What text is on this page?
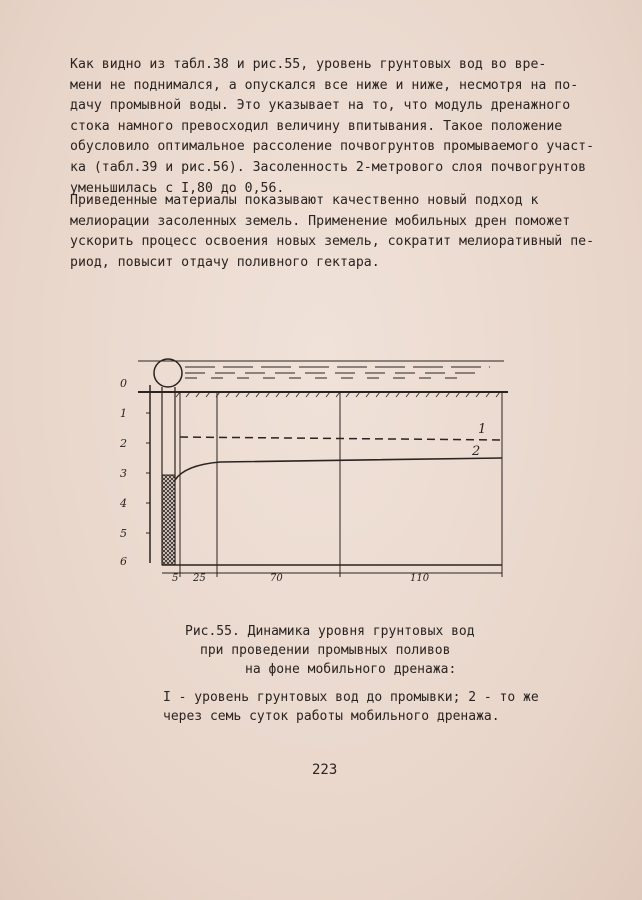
Как видно из табл.38 и рис.55, уровень грунтовых вод во вре-
мени не поднимался, а опускался все ниже и ниже, несмотря на по-
дачу промывной воды. Это указывает на то, что модуль дренажного
стока намного превосходил величину впитывания. Такое положение
обусловило оптимальное рассоление почвогрунтов промываемого участ-
ка (табл.39 и рис.56). Засоленность 2-метрового слоя почвогрунтов
уменьшилась с I,80 до 0,56.
Приведенные материалы показывают качественно новый подход к
мелиорации засоленных земель. Применение мобильных дрен поможет
ускорить процесс освоения новых земель, сократит мелиоративный пе-
риод, повысит отдачу поливного гектара.
0
1
2
3
4
5
6
1
2
5 25	70	110
Рис.55. Динамика уровня грунтовых вод
при проведении промывных поливов
на фоне мобильного дренажа:
I - уровень грунтовых вод до промывки; 2 - то же
через семь суток работы мобильного дренажа.
223
